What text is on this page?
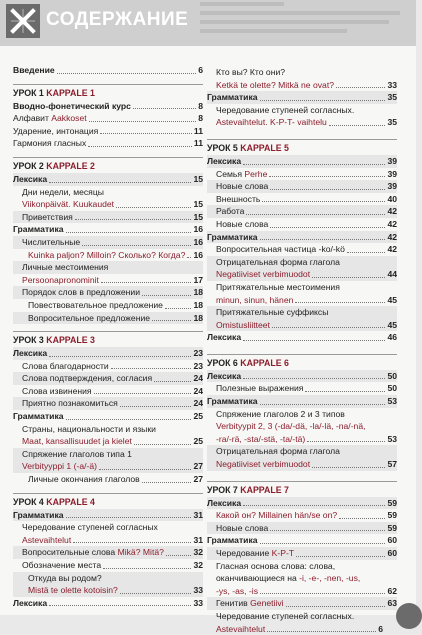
СОДЕРЖАНИЕ
Введение	6
УРОК 1 KAPPALE 1
Вводно-фонетический курс	8
Алфавит Aakkoset	8
Ударение, интонация	11
Гармония гласных	11
УРОК 2 KAPPALE 2
Лексика	15
Дни недели, месяцы
Viikonpäivät. Kuukaudet	15
Приветствия	15
Грамматика	16
Числительные	16
Kuinka paljon? Milloin? Сколько? Когда? 16
Личные местоимения
Persoonapronominit	17
Порядок слов в предложении	18
Повествовательное предложение	18
Вопросительное предложение	18
УРОК 3 KAPPALE 3
Лексика	23
Слова благодарности	23
Слова подтверждения, согласия	24
Слова извинения	24
Приятно познакомиться	24
Грамматика	25
Страны, национальности и языки
Maat, kansallisuudet ja kielet	25
Спряжение глаголов типа 1
Verbityyppi 1 (-a/-ä)	27
Личные окончания глаголов	27
УРОК 4 KAPPALE 4
Грамматика	31
Чередование ступеней согласных
Astevaihtelut	31
Вопросительные слова Mikä? Mitä?	32
Обозначение места	32
Откуда вы родом?
Mistä te olette kotoisin?	33
Лексика	33
Кто вы? Кто они?
Ketkä te olette? Mitkä ne ovat?	33
Грамматика	35
Чередование ступеней согласных.
Astevaihtelut. K-P-T- vaihtelu	35
УРОК 5 KAPPALE 5
Лексика	39
Семья Perhe	39
Новые слова	39
Внешность	40
Работа	42
Новые слова	42
Грамматика	42
Вопросительная частица -ko/-kö	42
Отрицательная форма глагола
Negatiiviset verbimuodot	44
Притяжательные местоимения
minun, sinun, hänen	45
Притяжательные суффиксы
Omistusliitteet	45
Лексика	46
УРОК 6 KAPPALE 6
Лексика	50
Полезные выражения	50
Грамматика	53
Спряжение глаголов 2 и 3 типов
Verbityypit 2, 3 (-da/-dä, -la/-lä, -na/-nä,
-ra/-rä, -sta/-stä, -ta/-tä)	53
Отрицательная форма глагола
Negatiiviset verbimuodot	57
УРОК 7 KAPPALE 7
Лексика	59
Какой он? Millainen hän/se on?	59
Новые слова	59
Грамматика	60
Чередование K-P-T	60
Гласная основа слова: слова,
оканчивающиеся на -i, -e-, -nen, -us,
-ys, -as, -is	62
Генитив Genetiivi	63
Чередование ступеней согласных.
Astevaihtelut	6
